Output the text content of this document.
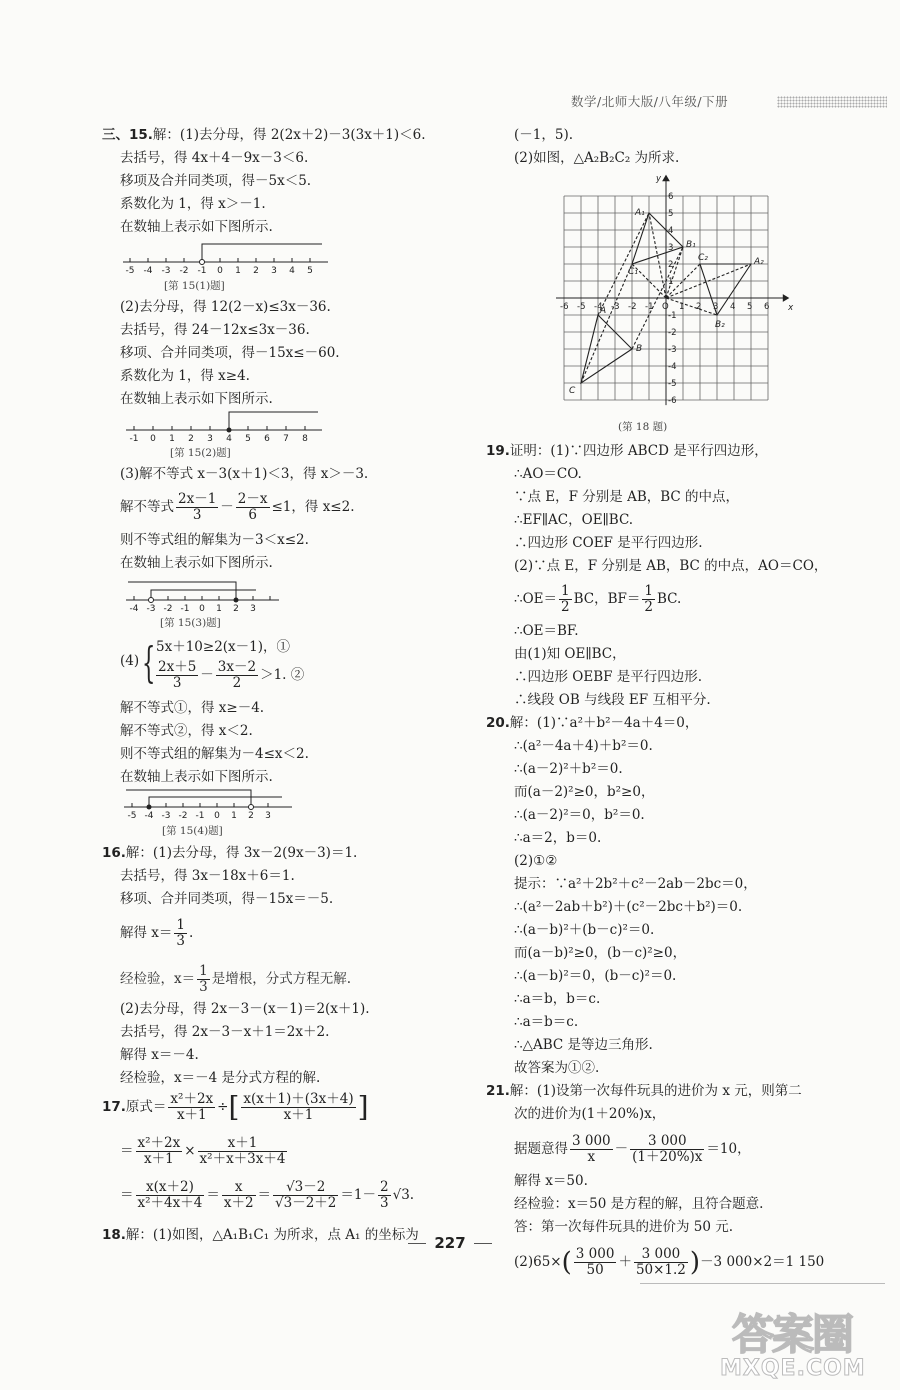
数学/北师大版/八年级/下册
三、15.解：(1)去分母，得 2(2x＋2)－3(3x＋1)＜6.
去括号，得 4x＋4－9x－3＜6.
移项及合并同类项，得－5x＜5.
系数化为 1，得 x＞－1.
在数轴上表示如下图所示.
-5 -4 -3 -2 -1 0 1 2 3 4 5
[第 15(1)题]
(2)去分母，得 12(2－x)≤3x－36.
去括号，得 24－12x≤3x－36.
移项、合并同类项，得－15x≤－60.
系数化为 1，得 x≥4.
在数轴上表示如下图所示.
-1 0 1 2 3 4 5 6 7 8
[第 15(2)题]
(3)解不等式 x－3(x＋1)＜3，得 x＞－3.
解不等式 $\frac{2x-1}{3} - \frac{2-x}{6} \le 1$，得 x≤2.
则不等式组的解集为－3＜x≤2.
在数轴上表示如下图所示.
-4 -3 -2 -1 0 1 2 3
[第 15(3)题]
(4) { 5x＋10≥2(x－1)，①
$\frac{2x+5}{3} - \frac{3x-2}{2} >1$. ②
解不等式①，得 x≥－4.
解不等式②，得 x＜2.
则不等式组的解集为－4≤x＜2.
在数轴上表示如下图所示.
-5 -4 -3 -2 -1 0 1 2 3
[第 15(4)题]
16.解：(1)去分母，得 3x－2(9x－3)＝1.
去括号，得 3x－18x＋6＝1.
移项、合并同类项，得－15x＝－5.
解得 $x= \frac{1}{3}$ .
经检验，$x= \frac{1}{3}$ 是增根，分式方程无解.
(2)去分母，得 2x－3－(x－1)＝2(x＋1).
去括号，得 2x－3－x＋1＝2x＋2.
解得 x＝－4.
经检验，x＝－4 是分式方程的解.
17.原式＝ $\frac{\text{x²＋2x}}{x+1}$ ÷[ $\frac{x(x+1)+(3x+4)}{x+1}$ ]
＝ $\frac{\text{x²＋2x}}{x+1} \times \frac{x+1}{\text{x²＋x＋3x＋4}}$
＝ $\frac{x(x+2)}{\text{x²＋4x＋4}} = \frac{x}{x+2} = \frac{√3-2}{√3-2+2} =1- \frac{2}{3} √3$.
18.解：(1)如图，△A₁B₁C₁ 为所求，点 A₁ 的坐标为
(－1，5).
(2)如图，△A₂B₂C₂ 为所求.
-6 -5 -4 -3 -2 -1 O 1 2 3 4 5 6
6
5
4
3
2
1
-1
-2
-3
-4
-5
-6
x
y
A
B
C
A₁
B₁
C₁
A₂
B₂
C₂
(第 18 题)
19.证明：(1)∵四边形 ABCD 是平行四边形，
∴AO＝CO.
∵点 E，F 分别是 AB，BC 的中点，
∴EF∥AC，OE∥BC.
∴四边形 COEF 是平行四边形.
(2)∵点 E，F 分别是 AB，BC 的中点，AO＝CO，
∴OE＝ $\frac{1}{2}$ BC，$BF= \frac{1}{2}$ BC.
∴OE＝BF.
由(1)知 OE∥BC，
∴四边形 OEBF 是平行四边形.
∴线段 OB 与线段 EF 互相平分.
20.解：(1)∵a²＋b²－4a＋4＝0，
∴(a²－4a＋4)＋b²＝0.
∴(a－2)²＋b²＝0.
而(a－2)²≥0，b²≥0，
∴(a－2)²＝0，b²＝0.
∴a＝2，b＝0.
(2)①②
提示：∵a²＋2b²＋c²－2ab－2bc＝0，
∴(a²－2ab＋b²)＋(c²－2bc＋b²)＝0.
∴(a－b)²＋(b－c)²＝0.
而(a－b)²≥0，(b－c)²≥0，
∴(a－b)²＝0，(b－c)²＝0.
∴a＝b，b＝c.
∴a＝b＝c.
∴△ABC 是等边三角形.
故答案为①②.
21.解：(1)设第一次每件玩具的进价为 x 元，则第二
次的进价为(1＋20%)x，
据题意得 $\frac{3 000}{x} - \frac{3 000}{(1+20\%)x} =10$，
解得 x＝50.
经检验：x＝50 是方程的解，且符合题意.
答：第一次每件玩具的进价为 50 元.
$(2)65\times( \frac{3 000}{50} + \frac{3 000}{50\times 1.2} )-3$ 000×2＝1 150
227
答案圈
MXQE.COM
